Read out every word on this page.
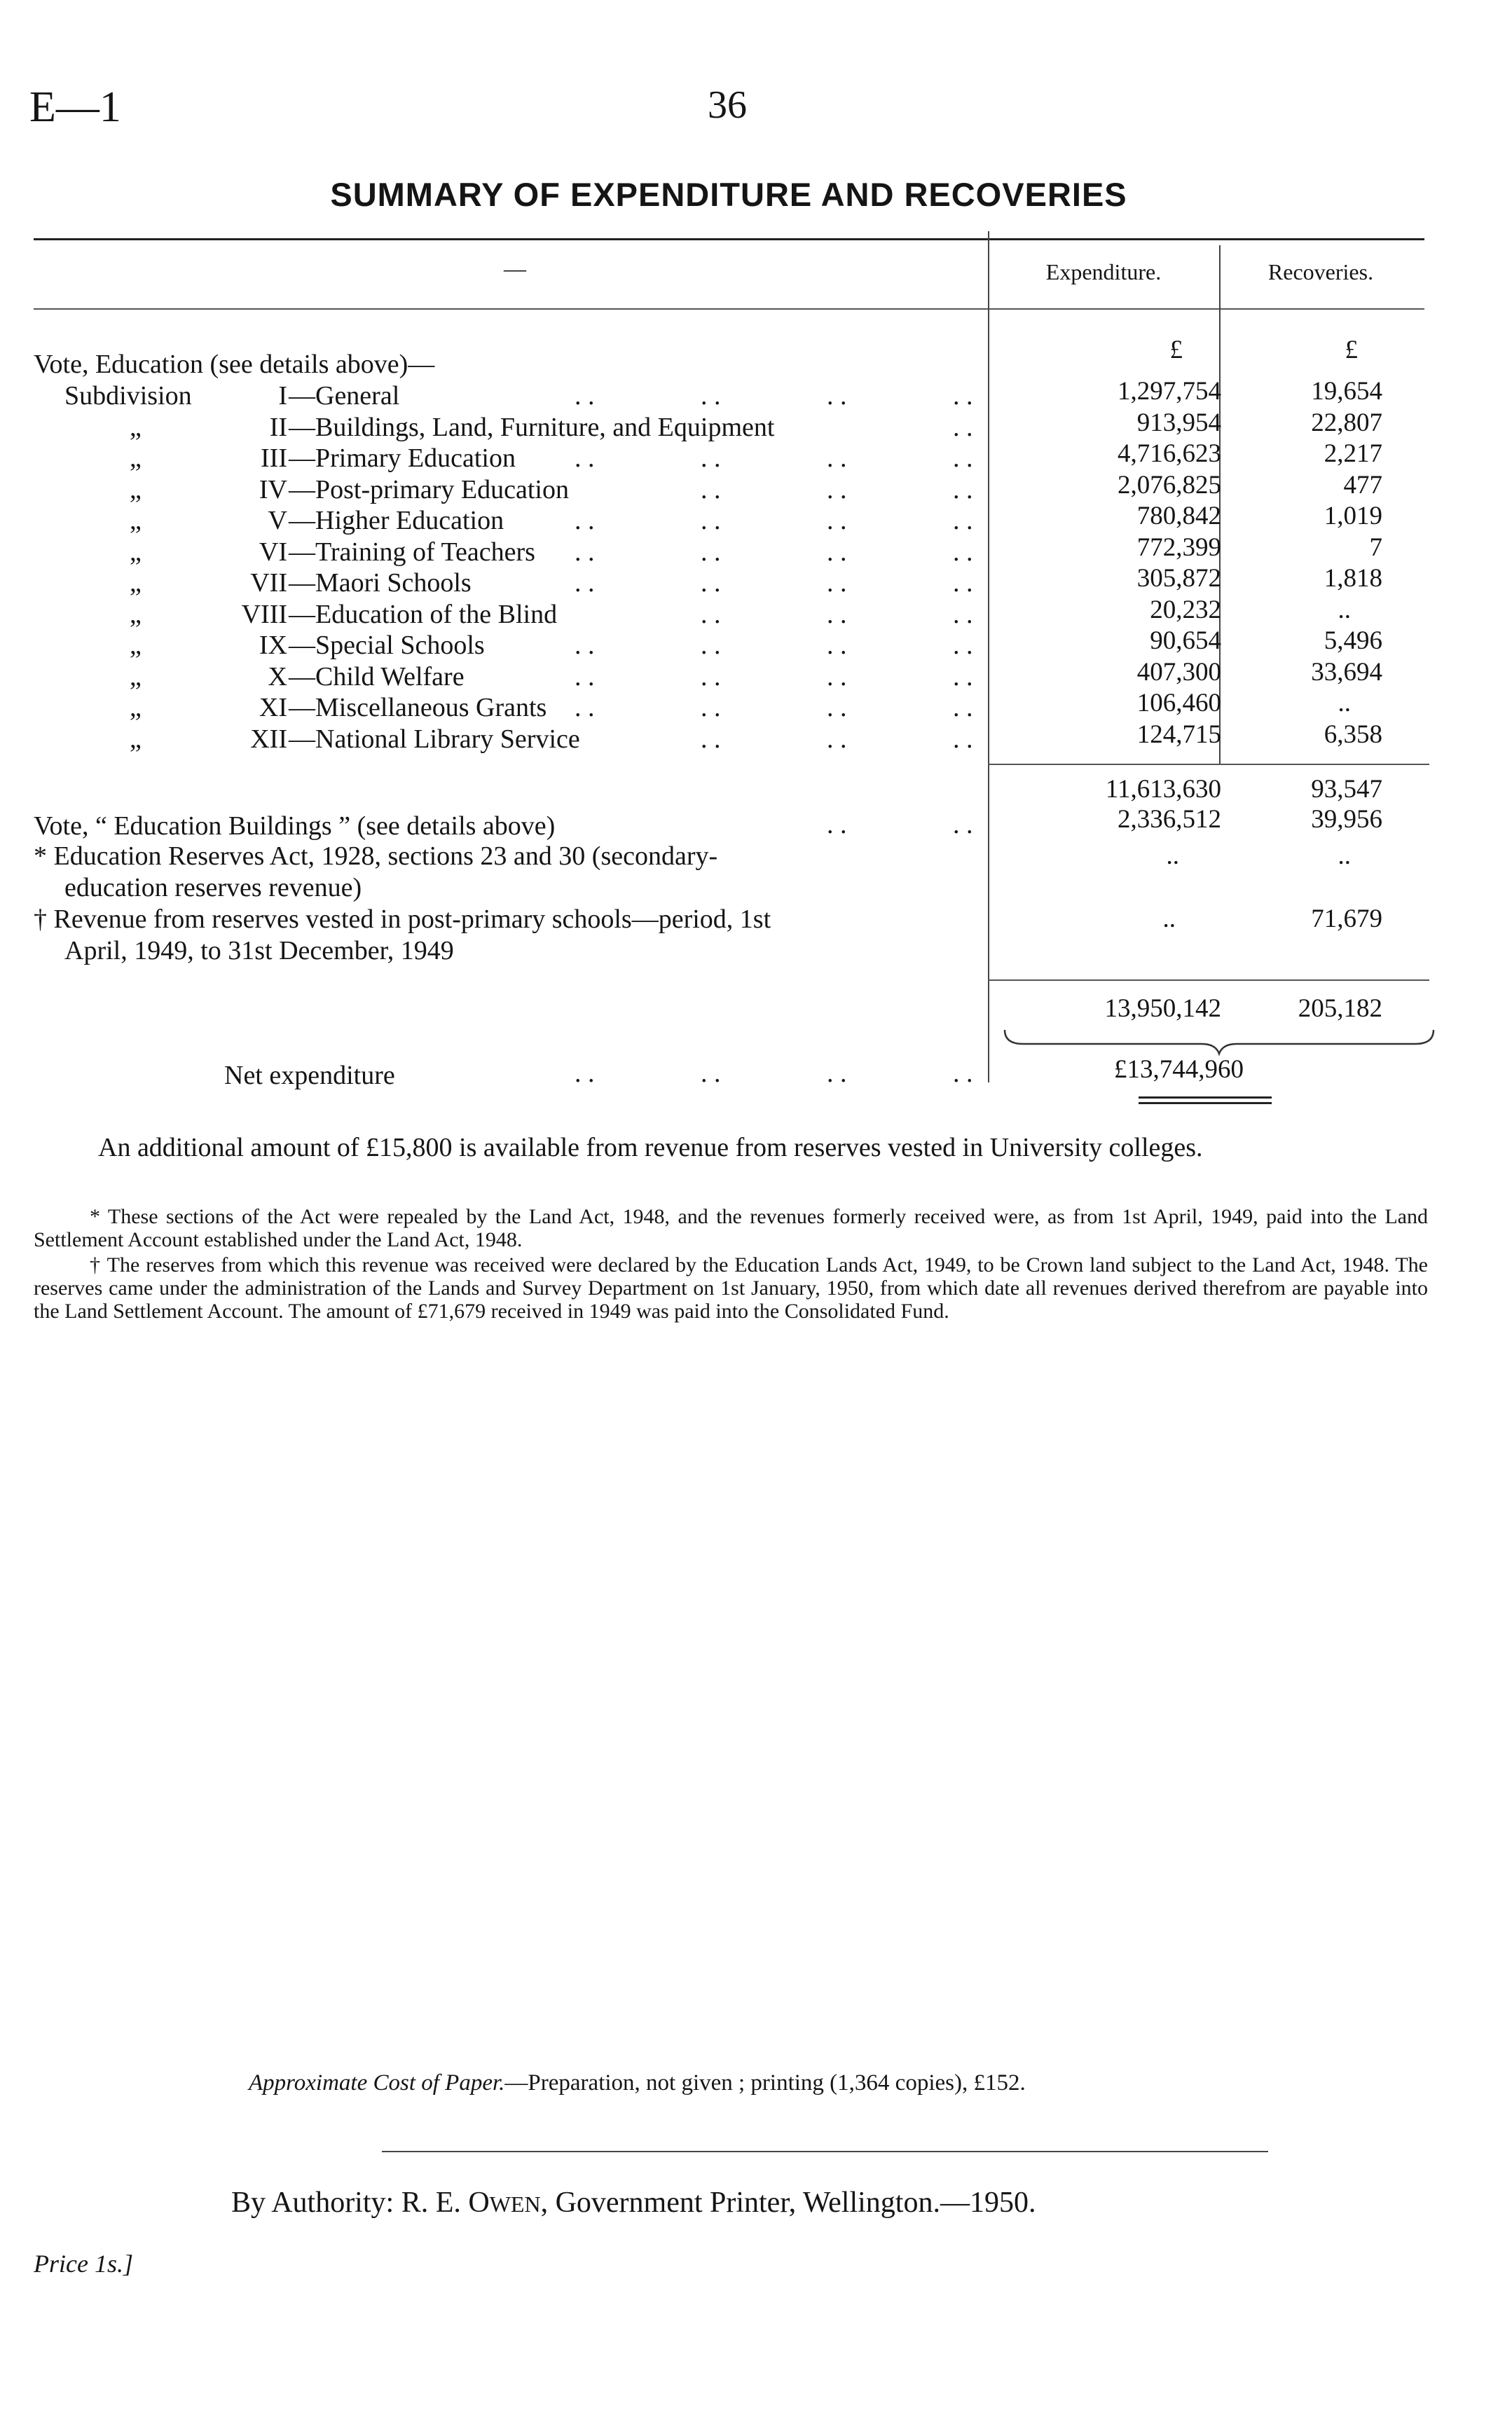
E—1	36
SUMMARY OF EXPENDITURE AND RECOVERIES
—	Expenditure.	Recoveries.
£	£
Vote, Education (see details above)—
Subdivision	I —General	. .	. .	. .	. .	1,297,754	19,654
„	II —Buildings, Land, Furniture, and Equipment	. .	913,954	22,807
„	III —Primary Education . .	. .	. .	. .	4,716,623	2,217
„	IV —Post-primary Education	. .	. .	. .	2,076,825	477
„	V —Higher Education	. .	. .	. .	. .	780,842	1,019
„	VI —Training of Teachers . .	. .	. .	. .	772,399	7
„	VII —Maori Schools	. .	. .	. .	. .	305,872	1,818
„	VIII —Education of the Blind	. .	. .	. .	20,232	..
„	IX —Special Schools	. .	. .	. .	. .	90,654	5,496
„	X —Child Welfare	. .	. .	. .	. .	407,300	33,694
„	XI —Miscellaneous Grants . .	. .	. .	. .	106,460	..
„	XII —National Library Service	. .	. .	. .	124,715	6,358
11,613,630	93,547
Vote, “ Education Buildings ” (see details above)	. .	. .	2,336,512	39,956
* Education Reserves Act, 1928, sections 23 and 30 (secondary-
education reserves revenue)
..	..
† Revenue from reserves vested in post-primary schools—period, 1st
April, 1949, to 31st December, 1949
..	71,679
13,950,142	205,182
Net expenditure	. .	. .	. .	. .	£13,744,960
An additional amount of £15,800 is available from revenue from reserves vested in University colleges.
* These sections of the Act were repealed by the Land Act, 1948, and the revenues formerly received were, as from 1st April, 1949, paid into the Land Settlement Account established under the Land Act, 1948.
† The reserves from which this revenue was received were declared by the Education Lands Act, 1949, to be Crown land subject to the Land Act, 1948. The reserves came under the administration of the Lands and Survey Department on 1st January, 1950, from which date all revenues derived therefrom are payable into the Land Settlement Account. The amount of £71,679 received in 1949 was paid into the Consolidated Fund.
Approximate Cost of Paper.—Preparation, not given ; printing (1,364 copies), £152.
By Authority: R. E. OWEN, Government Printer, Wellington.—1950.
Price 1s.]
